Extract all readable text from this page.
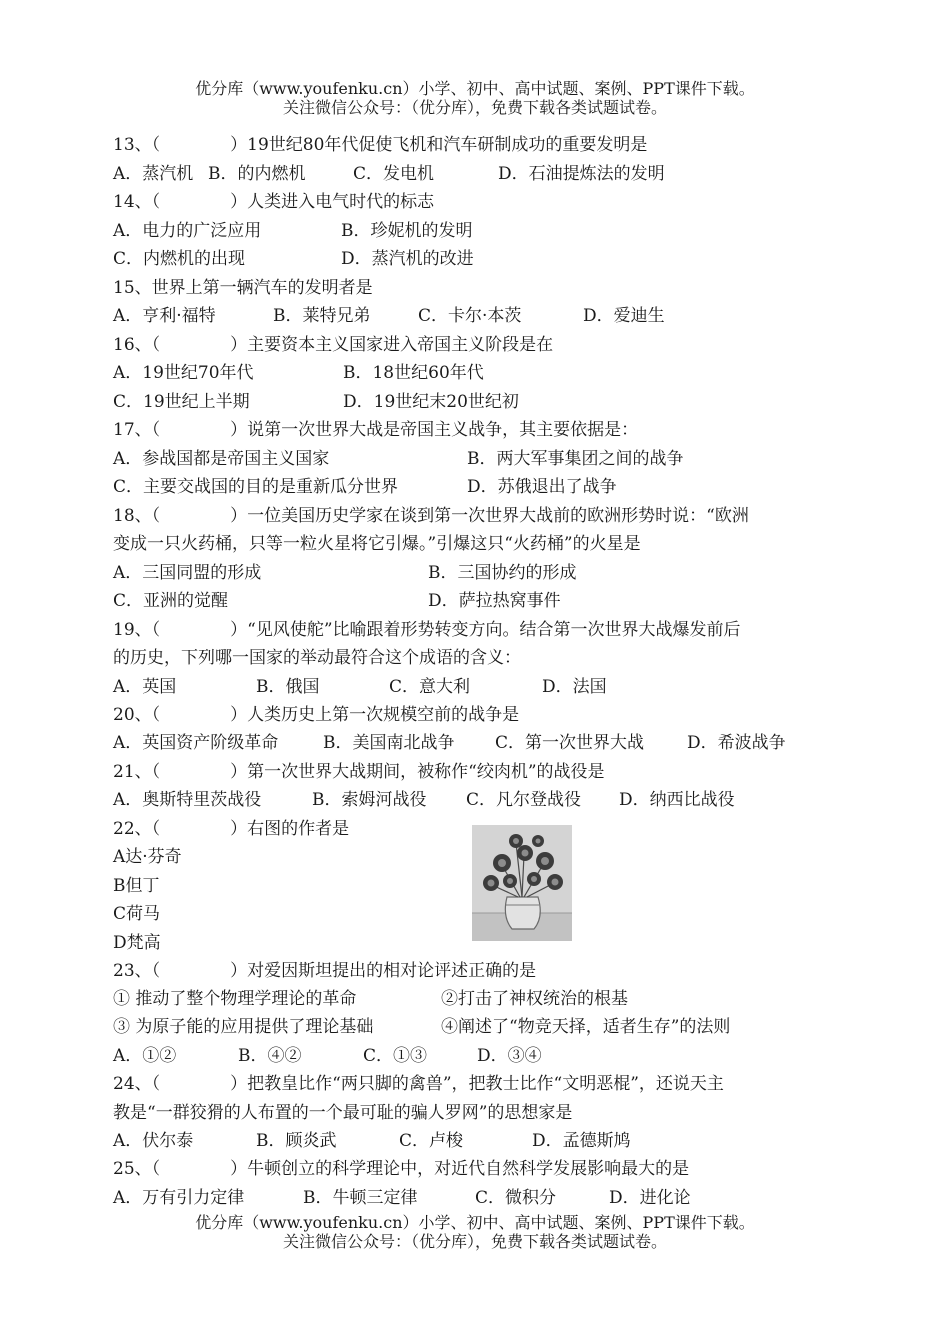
优分库（www.youfenku.cn）小学、初中、高中试题、案例、PPT课件下载。
关注微信公众号：（优分库），免费下载各类试题试卷。
13、（	）19世纪80年代促使飞机和汽车研制成功的重要发明是
A．蒸汽机 B．的内燃机	C．发电机	D．石油提炼法的发明
14、（	）人类进入电气时代的标志
A．电力的广泛应用	B．珍妮机的发明
C．内燃机的出现	D．蒸汽机的改进
15、世界上第一辆汽车的发明者是
A．亨利·福特	B．莱特兄弟	C．卡尔·本茨	D．爱迪生
16、（	）主要资本主义国家进入帝国主义阶段是在
A．19世纪70年代	B．18世纪60年代
C．19世纪上半期	D．19世纪末20世纪初
17、（	）说第一次世界大战是帝国主义战争，其主要依据是：
A．参战国都是帝国主义国家	B．两大军事集团之间的战争
C．主要交战国的目的是重新瓜分世界	D．苏俄退出了战争
18、（	）一位美国历史学家在谈到第一次世界大战前的欧洲形势时说：“欧洲
变成一只火药桶，只等一粒火星将它引爆。”引爆这只“火药桶”的火星是
A．三国同盟的形成	B．三国协约的形成
C．亚洲的觉醒	D．萨拉热窝事件
19、（	）“见风使舵”比喻跟着形势转变方向。结合第一次世界大战爆发前后
的历史，下列哪一国家的举动最符合这个成语的含义：
A．英国	B．俄国	C．意大利	D．法国
20、（	）人类历史上第一次规模空前的战争是
A．英国资产阶级革命	B．美国南北战争 C．第一次世界大战	D．希波战争
21、（	）第一次世界大战期间，被称作“绞肉机”的战役是
A．奥斯特里茨战役	B．索姆河战役 C．凡尔登战役 D．纳西比战役
22、（	）右图的作者是
A达·芬奇
B但丁
C荷马
D梵高
23、（	）对爱因斯坦提出的相对论评述正确的是
① 推动了整个物理学理论的革命	②打击了神权统治的根基
③ 为原子能的应用提供了理论基础	④阐述了“物竞天择，适者生存”的法则
A．①②	B．④②	C．①③	D．③④
24、（	）把教皇比作“两只脚的禽兽”，把教士比作“文明恶棍”，还说天主
教是“一群狡猾的人布置的一个最可耻的骗人罗网”的思想家是
A．伏尔泰	B．顾炎武	C．卢梭	D．孟德斯鸠
25、（	）牛顿创立的科学理论中，对近代自然科学发展影响最大的是
A．万有引力定律	B．牛顿三定律	C．微积分	D．进化论
优分库（www.youfenku.cn）小学、初中、高中试题、案例、PPT课件下载。
关注微信公众号：（优分库），免费下载各类试题试卷。
